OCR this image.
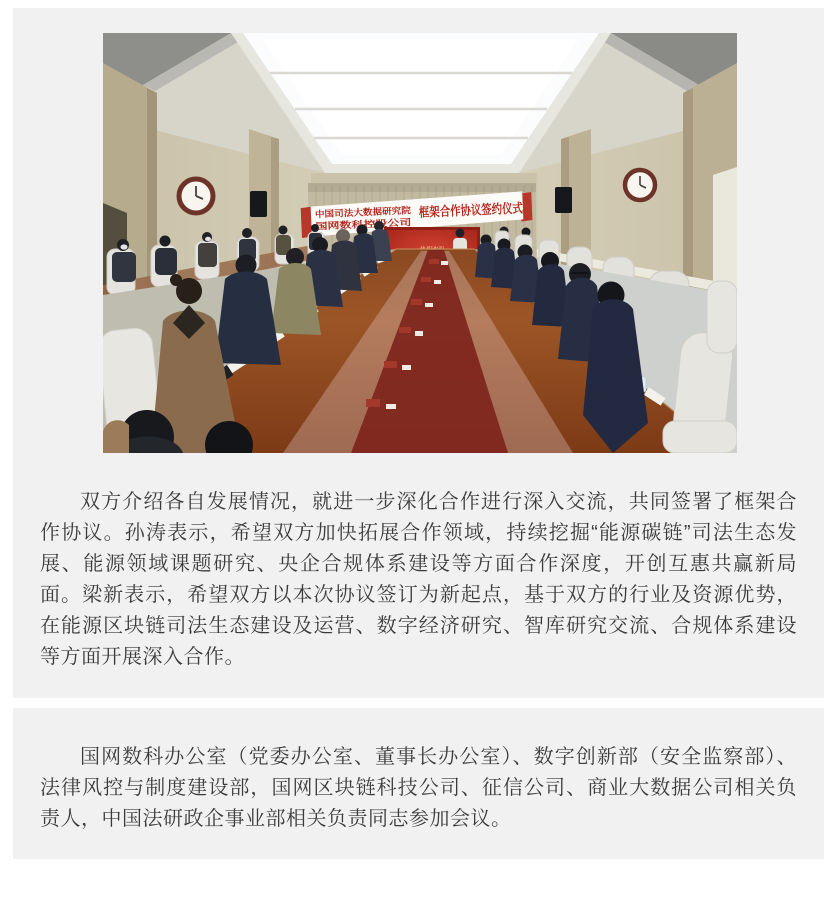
中国司法大数据研究院
国网数科控股公司
框架合作协议签约仪式

双方介绍各自发展情况，就进一步深化合作进行深入交流，共同签署了框架合作协议。孙涛表示，希望双方加快拓展合作领域，持续挖掘“能源碳链”司法生态发展、能源领域课题研究、央企合规体系建设等方面合作深度，开创互惠共赢新局面。梁新表示，希望双方以本次协议签订为新起点，基于双方的行业及资源优势，在能源区块链司法生态建设及运营、数字经济研究、智库研究交流、合规体系建设等方面开展深入合作。

国网数科办公室（党委办公室、董事长办公室）、数字创新部（安全监察部）、法律风控与制度建设部，国网区块链科技公司、征信公司、商业大数据公司相关负责人，中国法研政企事业部相关负责同志参加会议。
